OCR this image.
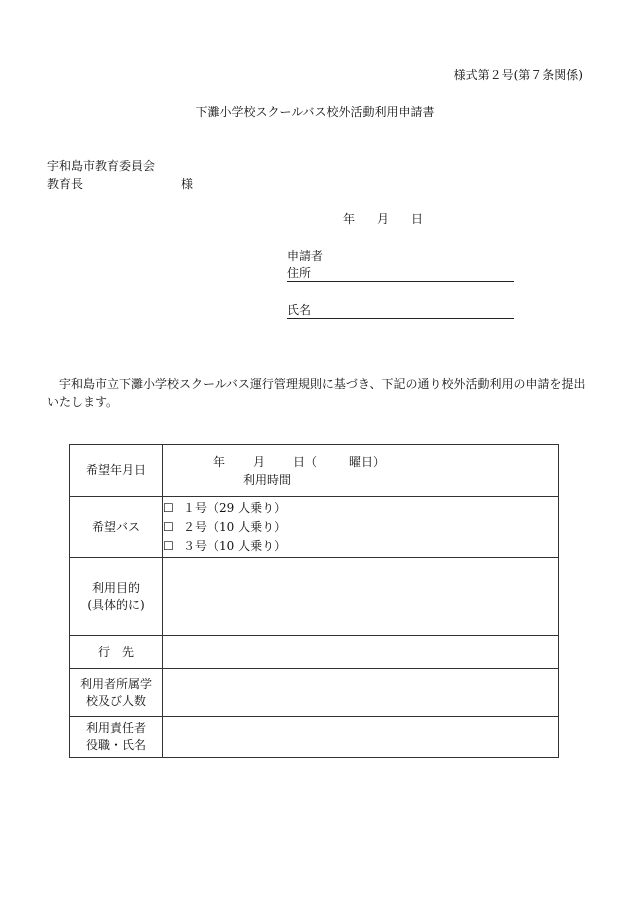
様式第２号(第７条関係)
下灘小学校スクールバス校外活動利用申請書
宇和島市教育委員会
教育長	様
年 月 日
申請者
住所
氏名
宇和島市立下灘小学校スクールバス運行管理規則に基づき、下記の通り校外活動利用の申請を提出いたします。
希望年月日	年 月 日（ 曜日）
利用時間

希望バス	☐ １号（29 人乗り）
☐ ２号（10 人乗り）
☐ ３号（10 人乗り）

利用目的
(具体的に)	

行　先	

利用者所属学
校及び人数	

利用責任者
役職・氏名	
